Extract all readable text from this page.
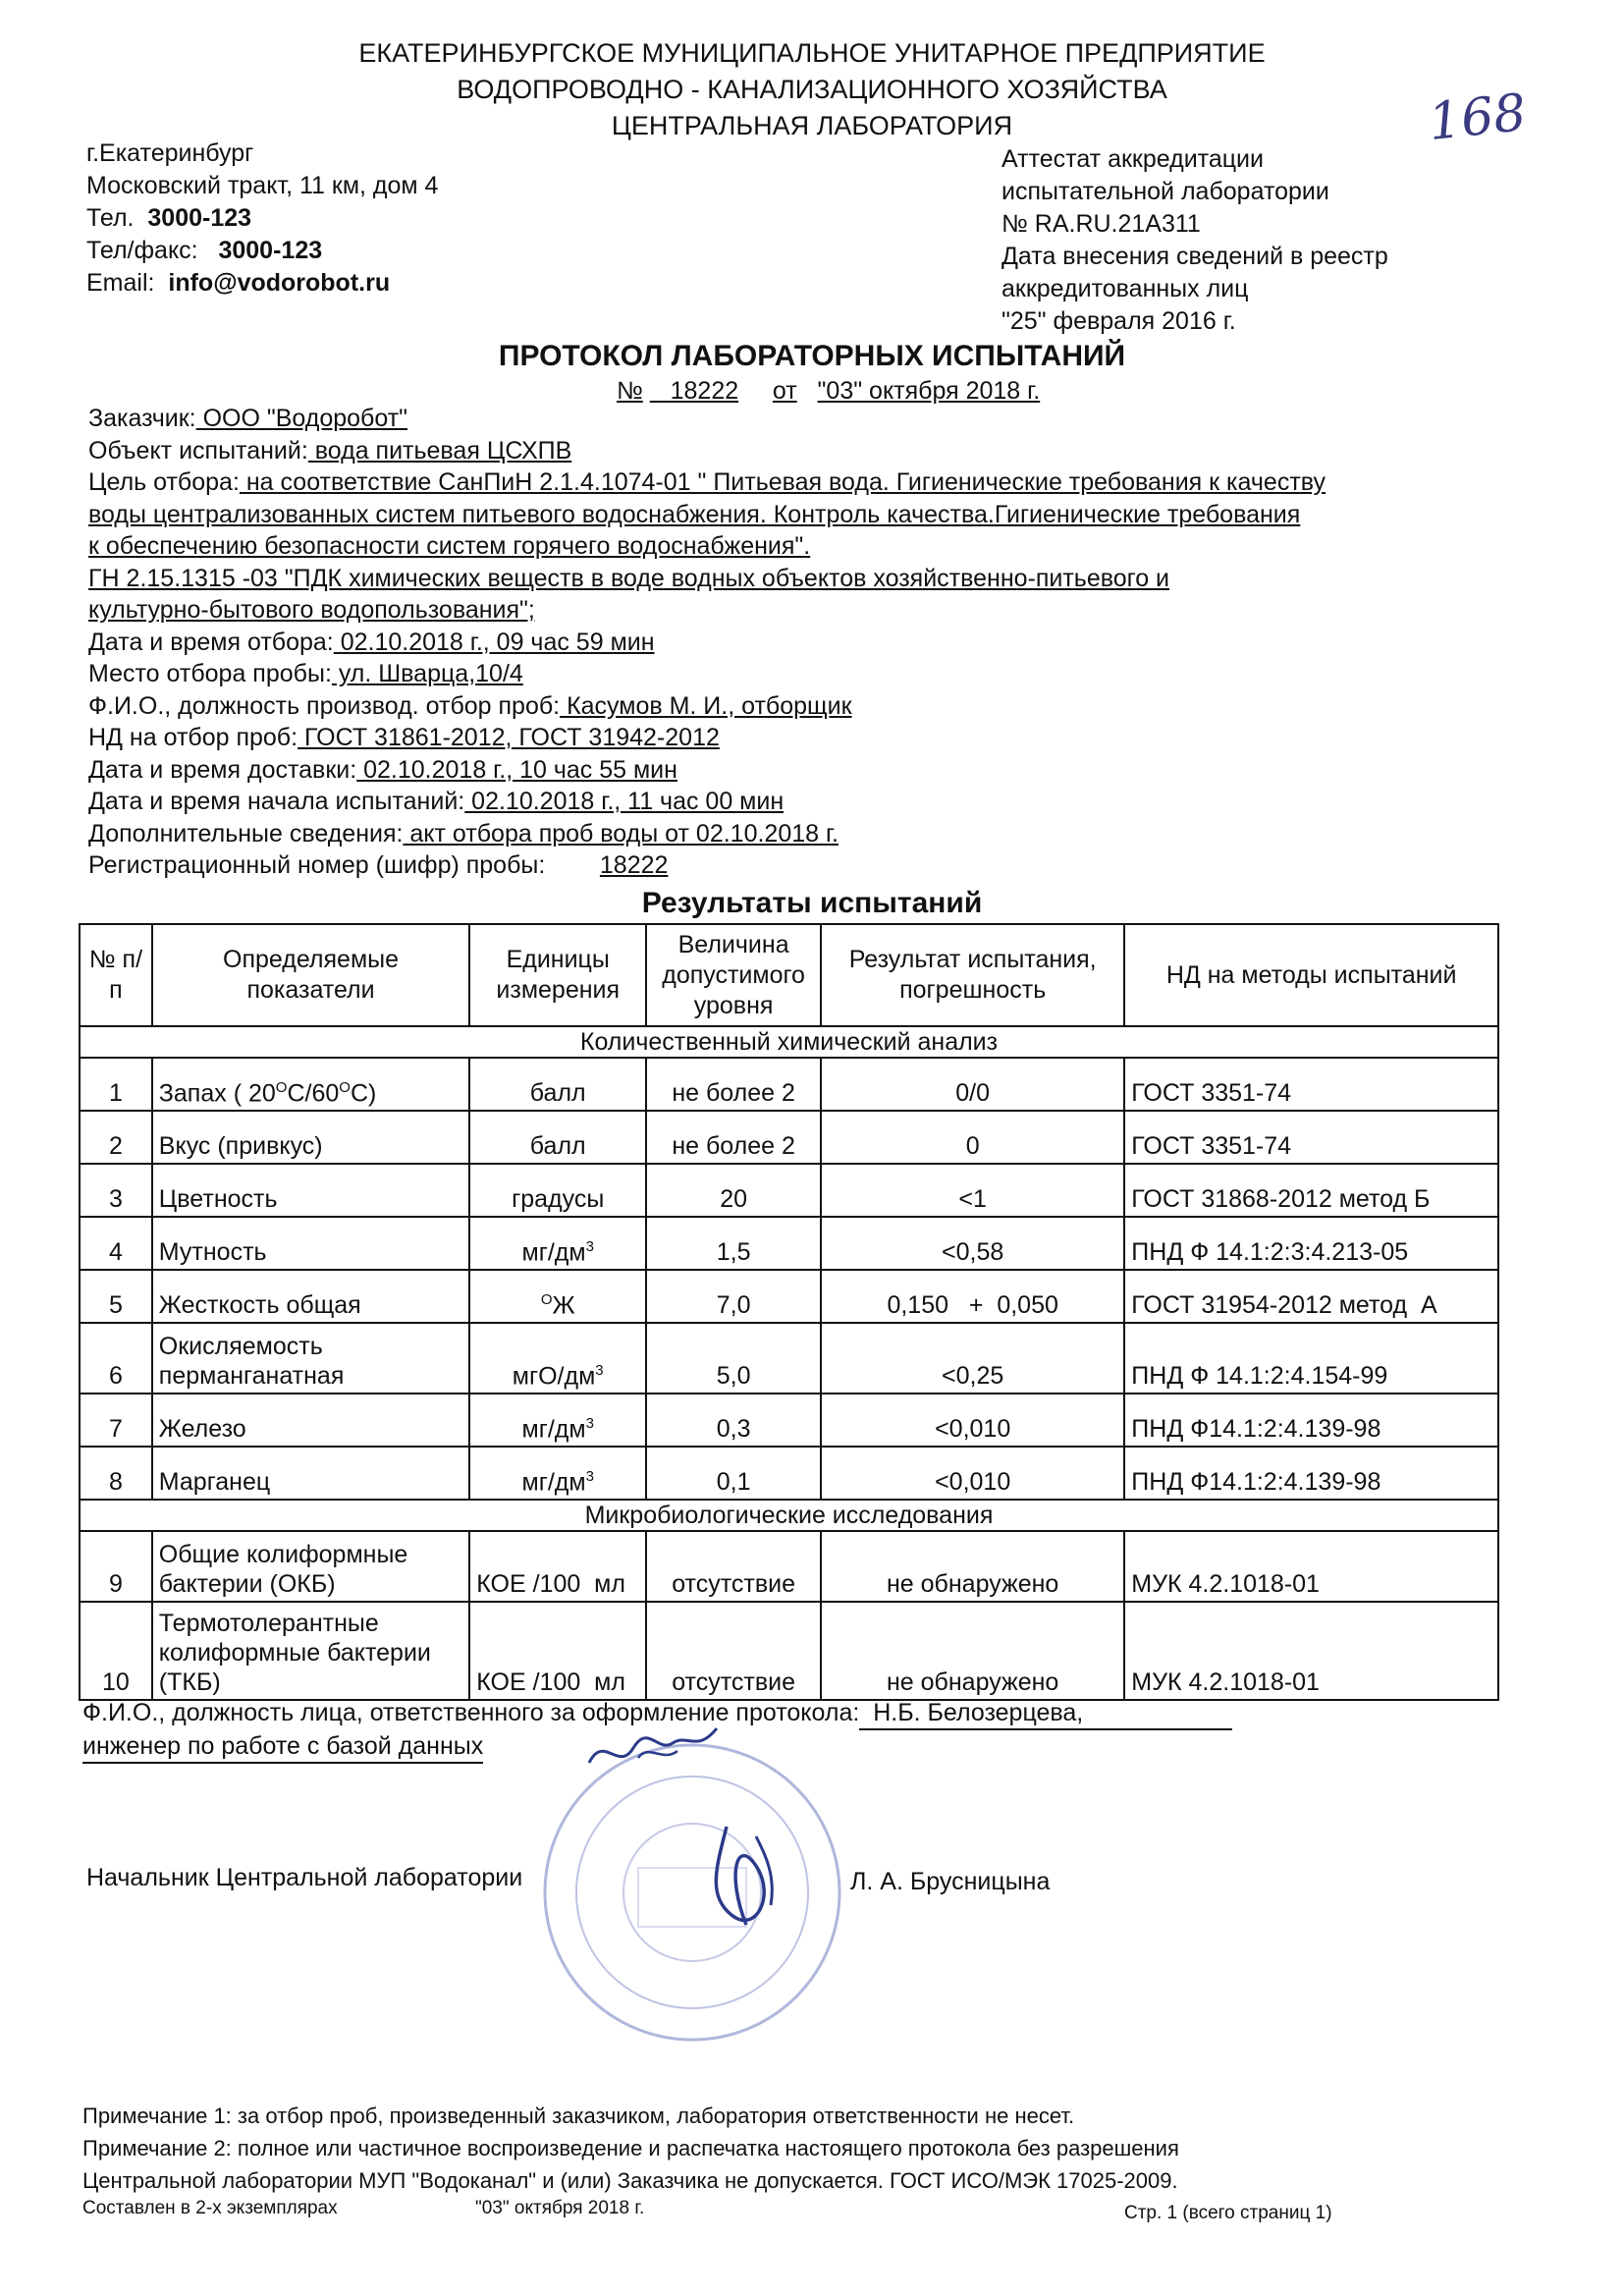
ЕКАТЕРИНБУРГСКОЕ МУНИЦИПАЛЬНОЕ УНИТАРНОЕ ПРЕДПРИЯТИЕ
ВОДОПРОВОДНО - КАНАЛИЗАЦИОННОГО ХОЗЯЙСТВА
ЦЕНТРАЛЬНАЯ ЛАБОРАТОРИЯ	168
г.Екатеринбург
Московский тракт, 11 км, дом 4
Тел. 3000-123
Тел/факс: 3000-123
Email: info@vodorobot.ru
Аттестат аккредитации
испытательной лаборатории
№ RA.RU.21A311
Дата внесения сведений в реестр
аккредитованных лиц
"25" февраля 2016 г.
ПРОТОКОЛ ЛАБОРАТОРНЫХ ИСПЫТАНИЙ
№ 18222 от "03" октября 2018 г.
Заказчик: ООО "Водоробот"
Объект испытаний: вода питьевая ЦСХПВ
Цель отбора: на соответствие СанПиН 2.1.4.1074-01 " Питьевая вода. Гигиенические требования к качеству
воды централизованных систем питьевого водоснабжения. Контроль качества.Гигиенические требования
к обеспечению безопасности систем горячего водоснабжения".
ГН 2.15.1315 -03 "ПДК химических веществ в воде водных объектов хозяйственно-питьевого и
культурно-бытового водопользования";
Дата и время отбора: 02.10.2018 г., 09 час 59 мин
Место отбора пробы: ул. Шварца,10/4
Ф.И.О., должность производ. отбор проб: Касумов М. И., отборщик
НД на отбор проб: ГОСТ 31861-2012, ГОСТ 31942-2012
Дата и время доставки: 02.10.2018 г., 10 час 55 мин
Дата и время начала испытаний: 02.10.2018 г., 11 час 00 мин
Дополнительные сведения: акт отбора проб воды от 02.10.2018 г.
Регистрационный номер (шифр) пробы: 18222
Результаты испытаний
№ п/п	Определяемые показатели	Единицы измерения	Величина допустимого уровня	Результат испытания, погрешность	НД на методы испытаний
Количественный химический анализ					
1	Запах ( $20^ОС/60^ОС$)	балл	не более 2	0/0	ГОСТ 3351-74
2	Вкус (привкус)	балл	не более 2	0	ГОСТ 3351-74
3	Цветность	градусы	20	<1	ГОСТ 31868-2012 метод Б
4	Мутность	$мг/дм^3$	1,5	<0,58	ПНД Ф 14.1:2:3:4.213-05
5	Жесткость общая	$^О$Ж	7,0	0,150   +  0,050	ГОСТ 31954-2012 метод  А
6	Окисляемость
перманганатная	мгО/$дм^3$	5,0	<0,25	ПНД Ф 14.1:2:4.154-99
7	Железо	$мг/дм^3$	0,3	<0,010	ПНД Ф14.1:2:4.139-98
8	Марганец	$мг/дм^3$	0,1	<0,010	ПНД Ф14.1:2:4.139-98
Микробиологические исследования					
9	Общие колиформные
бактерии (ОКБ)	КОЕ /100  мл	отсутствие	не обнаружено	МУК 4.2.1018-01
10	Термотолерантные
колиформные бактерии
(ТКБ)	КОЕ /100  мл	отсутствие	не обнаружено	МУК 4.2.1018-01
Ф.И.О., должность лица, ответственного за оформление протокола:  Н.Б. Белозерцева,
инженер по работе с базой данных
Начальник Центральной лаборатории	Л. А. Брусницына
Примечание 1: за отбор проб, произведенный заказчиком, лаборатория ответственности не несет.
Примечание 2: полное или частичное воспроизведение и распечатка настоящего протокола без разрешения
Центральной лаборатории МУП "Водоканал" и (или) Заказчика не допускается. ГОСТ ИСО/МЭК 17025-2009.
Составлен в 2-х экземплярах	"03" октября 2018 г.	Стр. 1 (всего страниц 1)
